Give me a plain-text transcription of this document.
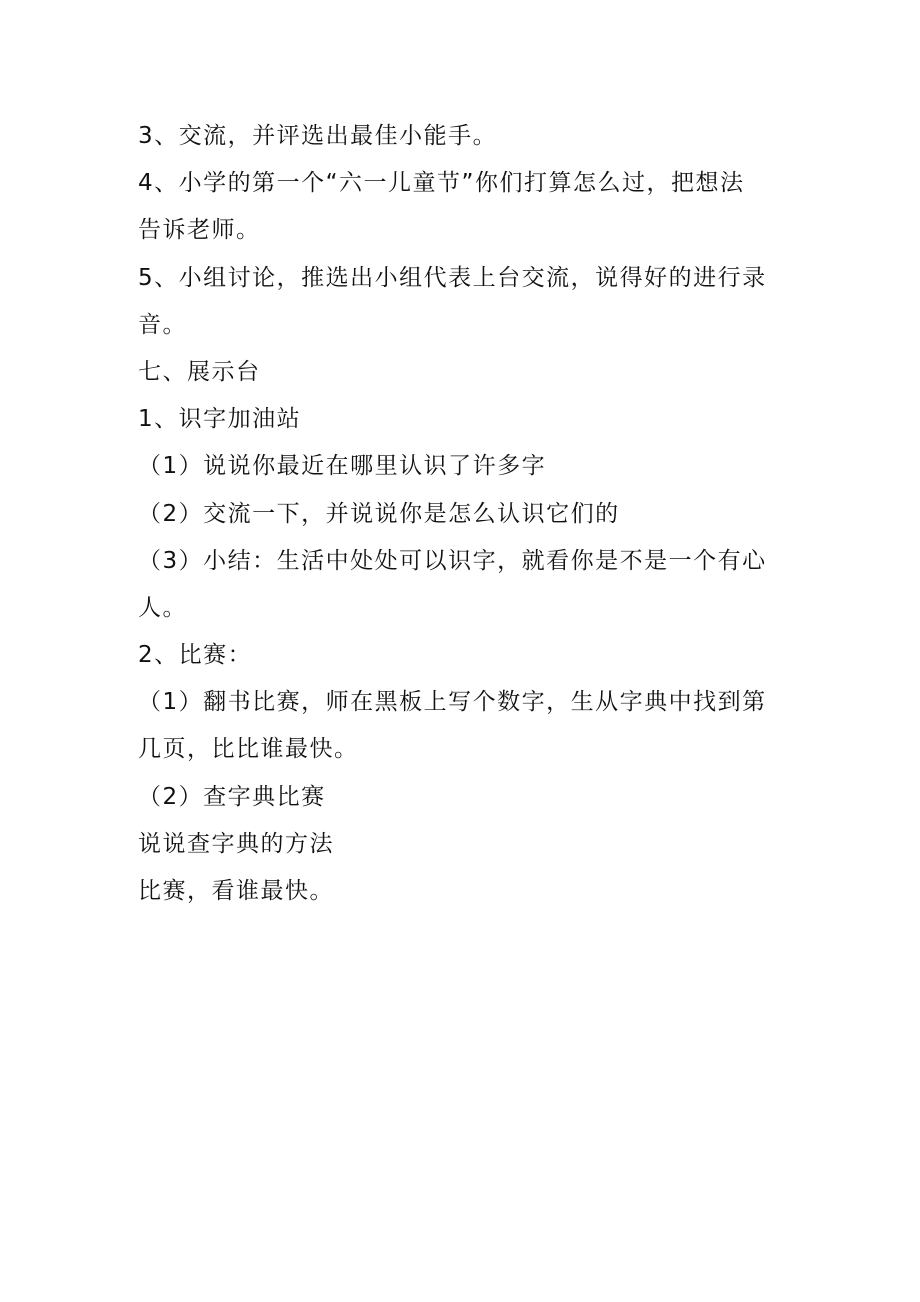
3、交流，并评选出最佳小能手。
4、小学的第一个“六一儿童节”你们打算怎么过，把想法
告诉老师。
5、小组讨论，推选出小组代表上台交流，说得好的进行录
音。
七、展示台
1、识字加油站
（1）说说你最近在哪里认识了许多字
（2）交流一下，并说说你是怎么认识它们的
（3）小结：生活中处处可以识字，就看你是不是一个有心
人。
2、比赛：
（1）翻书比赛，师在黑板上写个数字，生从字典中找到第
几页，比比谁最快。
（2）查字典比赛
说说查字典的方法
比赛，看谁最快。
